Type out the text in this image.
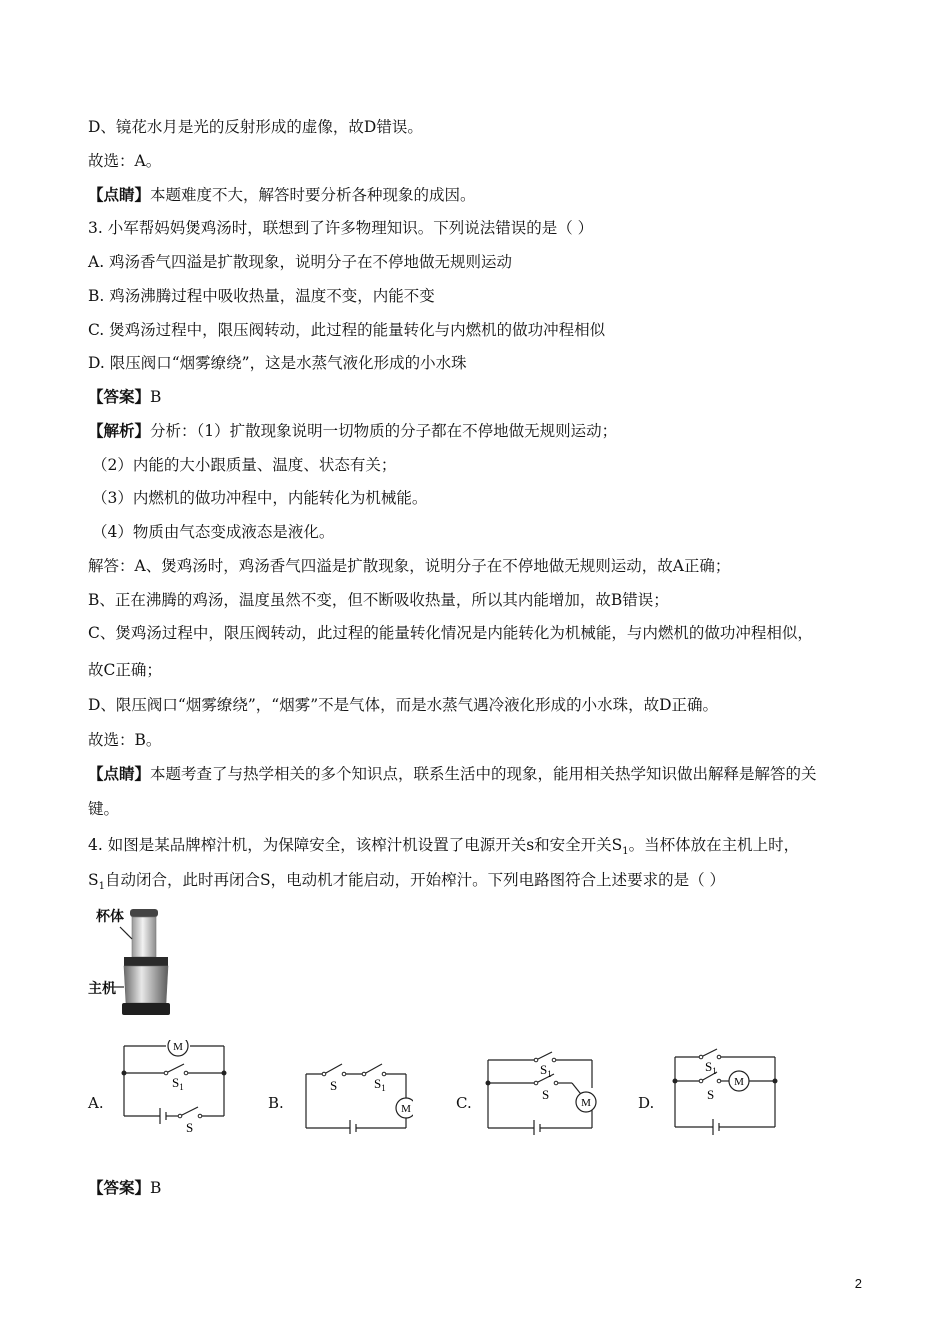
D、镜花水月是光的反射形成的虚像，故D错误。
故选：A。
【点睛】本题难度不大，解答时要分析各种现象的成因。
3. 小军帮妈妈煲鸡汤时，联想到了许多物理知识。下列说法错误的是（ ）
A. 鸡汤香气四溢是扩散现象，说明分子在不停地做无规则运动
B. 鸡汤沸腾过程中吸收热量，温度不变，内能不变
C. 煲鸡汤过程中，限压阀转动，此过程的能量转化与内燃机的做功冲程相似
D. 限压阀口“烟雾缭绕”，这是水蒸气液化形成的小水珠
【答案】B
【解析】分析：（1）扩散现象说明一切物质的分子都在不停地做无规则运动；
（2）内能的大小跟质量、温度、状态有关；
（3）内燃机的做功冲程中，内能转化为机械能。
（4）物质由气态变成液态是液化。
解答：A、煲鸡汤时，鸡汤香气四溢是扩散现象，说明分子在不停地做无规则运动，故A正确；
B、正在沸腾的鸡汤，温度虽然不变，但不断吸收热量，所以其内能增加，故B错误；
C、煲鸡汤过程中，限压阀转动，此过程的能量转化情况是内能转化为机械能，与内燃机的做功冲程相似，
故C正确；
D、限压阀口“烟雾缭绕”，“烟雾”不是气体，而是水蒸气遇冷液化形成的小水珠，故D正确。
故选：B。
【点睛】本题考查了与热学相关的多个知识点，联系生活中的现象，能用相关热学知识做出解释是解答的关
键。
4. 如图是某品牌榨汁机，为保障安全，该榨汁机设置了电源开关s和安全开关$S_1$。当杯体放在主机上时，
$S_1$自动闭合，此时再闭合S，电动机才能启动，开始榨汁。下列电路图符合上述要求的是（ ）
杯体
主机
A.	B.	C.	D.
M
$S_1$
S
S	$S_1$
M
$S_1$
S
M
$S_1$
S
M
【答案】B
2
